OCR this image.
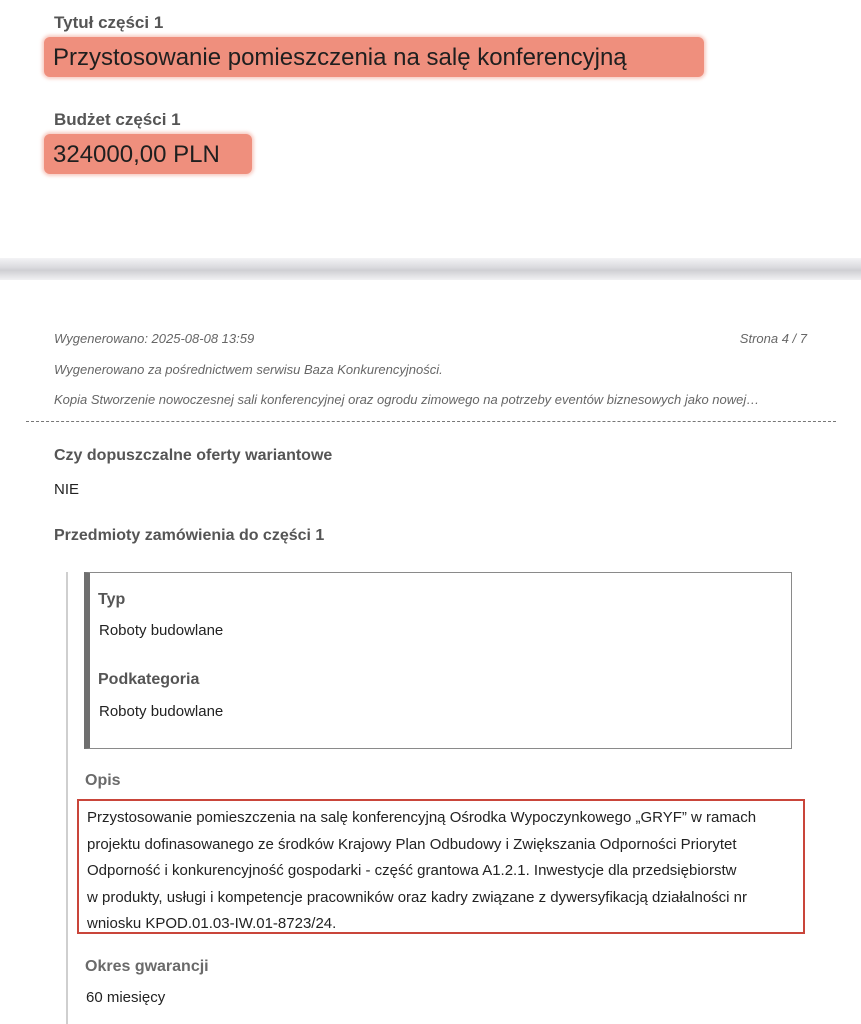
Tytuł części 1
Przystosowanie pomieszczenia na salę konferencyjną
Budżet części 1
324000,00 PLN
Wygenerowano: 2025-08-08 13:59	Strona 4 / 7
Wygenerowano za pośrednictwem serwisu Baza Konkurencyjności.
Kopia Stworzenie nowoczesnej sali konferencyjnej oraz ogrodu zimowego na potrzeby eventów biznesowych jako nowej…
Czy dopuszczalne oferty wariantowe
NIE
Przedmioty zamówienia do części 1
Typ
Roboty budowlane
Podkategoria
Roboty budowlane
Opis
Przystosowanie pomieszczenia na salę konferencyjną Ośrodka Wypoczynkowego „GRYF” w ramach
projektu dofinasowanego ze środków Krajowy Plan Odbudowy i Zwiększania Odporności Priorytet
Odporność i konkurencyjność gospodarki - część grantowa A1.2.1. Inwestycje dla przedsiębiorstw
w produkty, usługi i kompetencje pracowników oraz kadry związane z dywersyfikacją działalności nr
wniosku KPOD.01.03-IW.01-8723/24.
Okres gwarancji
60 miesięcy
